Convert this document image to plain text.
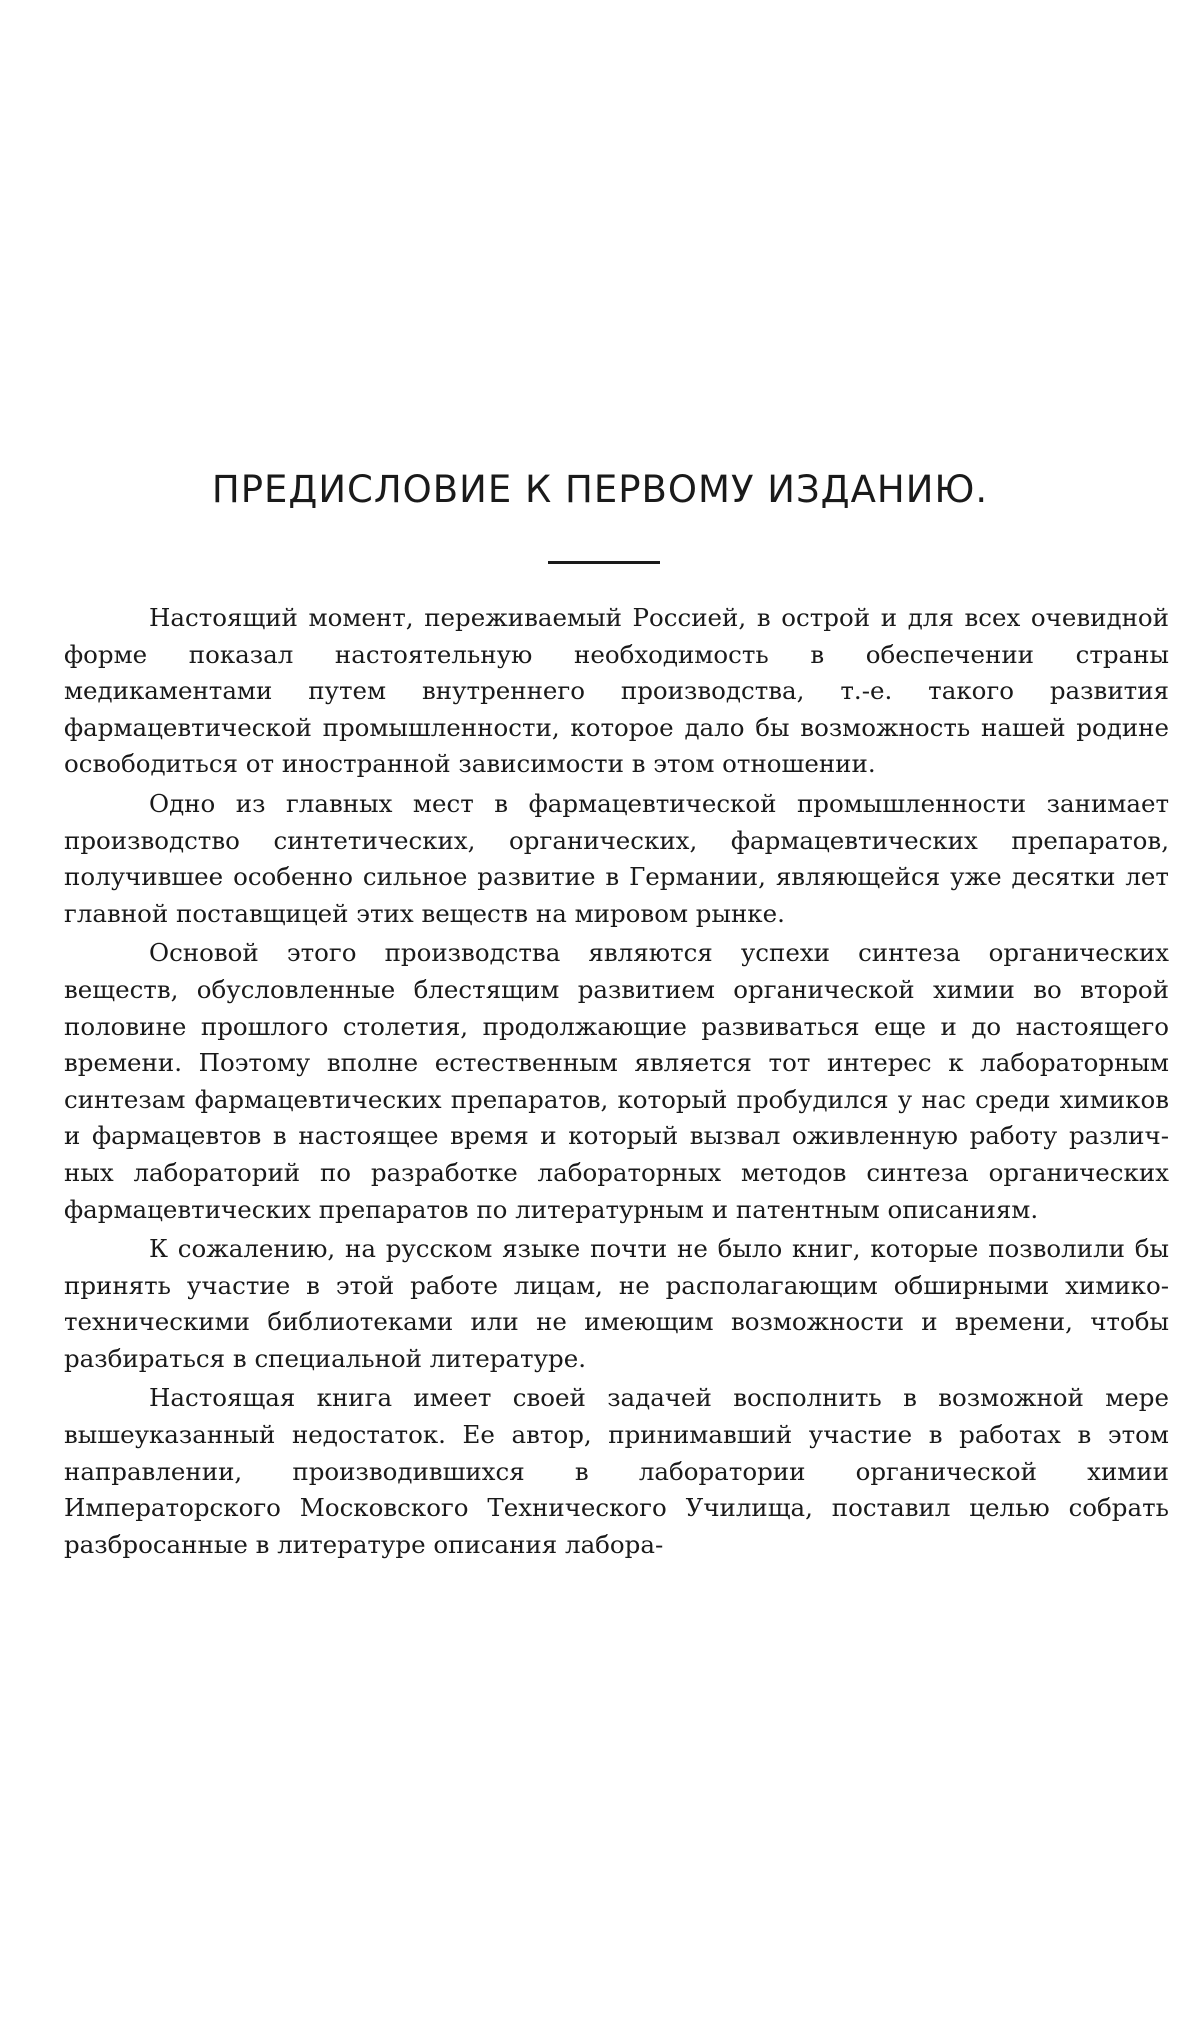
ПРЕДИСЛОВИЕ К ПЕРВОМУ ИЗДАНИЮ.

Настоящий момент, переживаемый Россией, в острой и для всех очевидной форме показал настоятельную необходимость в обеспечении страны медикаментами путем внутреннего производства, т.-е. такого развития фармацевтической промышленности, которое дало бы возможность нашей родине освободиться от иностранной зависимости в этом отношении.

Одно из главных мест в фармацевтической промышленности занимает производство синтетических, органических, фармацевтических препаратов, получившее особенно сильное развитие в Германии, являющейся уже десятки лет главной поставщицей этих веществ на мировом рынке.

Основой этого производства являются успехи синтеза органических веществ, обусловленные блестящим развитием органической химии во второй половине прошлого столетия, продолжающие развиваться еще и до настоящего времени. Поэтому вполне естественным является тот интерес к лабораторным синтезам фармацевтических препаратов, который пробудился у нас среди химиков и фармацевтов в настоящее время и который вызвал оживленную работу различных лабораторий по разработке лабораторных методов синтеза органических фармацевтических препаратов по литературным и патентным описаниям.

К сожалению, на русском языке почти не было книг, которые позволили бы принять участие в этой работе лицам, не располагающим обширными химико-техническими библиотеками или не имеющим возможности и времени, чтобы разбираться в специальной литературе.

Настоящая книга имеет своей задачей восполнить в возможной мере вышеуказанный недостаток. Ее автор, принимавший участие в работах в этом направлении, производившихся в лаборатории органической химии Императорского Московского Технического Училища, поставил целью собрать разбросанные в литературе описания лабора-
